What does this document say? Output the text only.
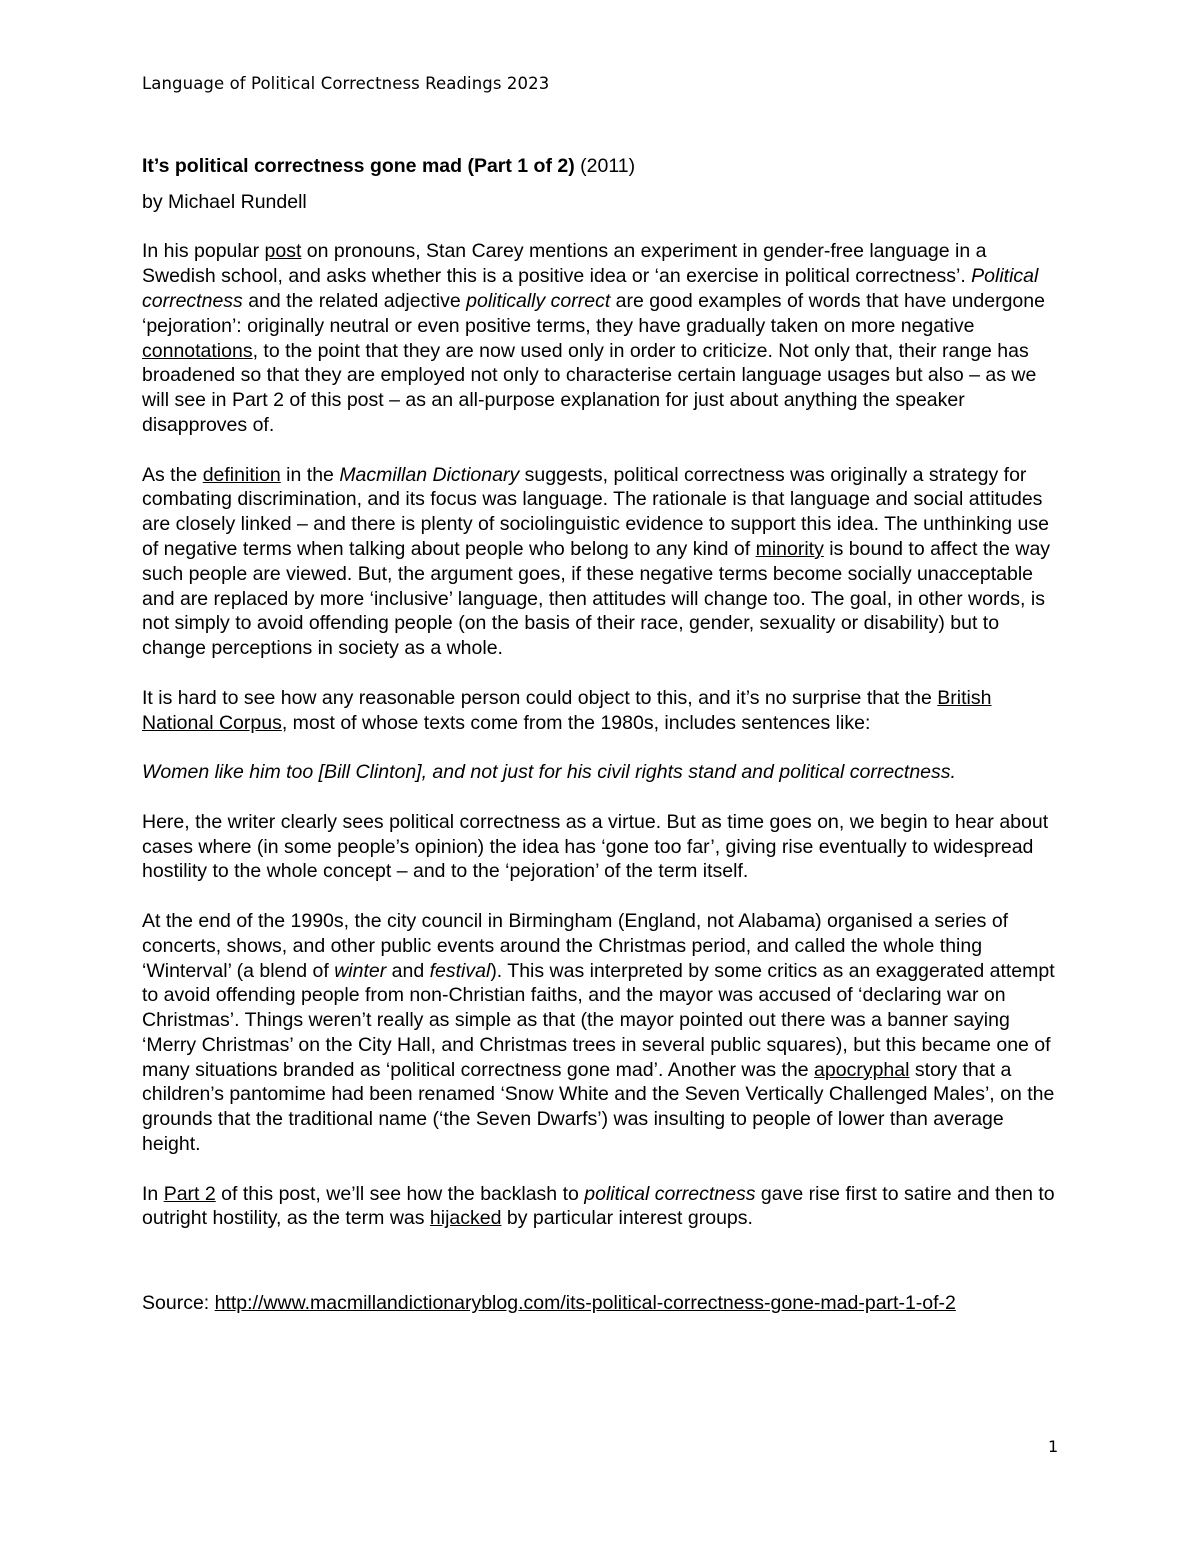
Language of Political Correctness Readings 2023

It’s political correctness gone mad (Part 1 of 2) (2011)

by Michael Rundell

In his popular post on pronouns, Stan Carey mentions an experiment in gender-free language in a Swedish school, and asks whether this is a positive idea or ‘an exercise in political correctness’. Political correctness and the related adjective politically correct are good examples of words that have undergone ‘pejoration’: originally neutral or even positive terms, they have gradually taken on more negative connotations, to the point that they are now used only in order to criticize. Not only that, their range has broadened so that they are employed not only to characterise certain language usages but also – as we will see in Part 2 of this post – as an all-purpose explanation for just about anything the speaker disapproves of.

As the definition in the Macmillan Dictionary suggests, political correctness was originally a strategy for combating discrimination, and its focus was language. The rationale is that language and social attitudes are closely linked – and there is plenty of sociolinguistic evidence to support this idea. The unthinking use of negative terms when talking about people who belong to any kind of minority is bound to affect the way such people are viewed. But, the argument goes, if these negative terms become socially unacceptable and are replaced by more ‘inclusive’ language, then attitudes will change too. The goal, in other words, is not simply to avoid offending people (on the basis of their race, gender, sexuality or disability) but to change perceptions in society as a whole.

It is hard to see how any reasonable person could object to this, and it’s no surprise that the British National Corpus, most of whose texts come from the 1980s, includes sentences like:

Women like him too [Bill Clinton], and not just for his civil rights stand and political correctness.

Here, the writer clearly sees political correctness as a virtue. But as time goes on, we begin to hear about cases where (in some people’s opinion) the idea has ‘gone too far’, giving rise eventually to widespread hostility to the whole concept – and to the ‘pejoration’ of the term itself.

At the end of the 1990s, the city council in Birmingham (England, not Alabama) organised a series of concerts, shows, and other public events around the Christmas period, and called the whole thing ‘Winterval’ (a blend of winter and festival). This was interpreted by some critics as an exaggerated attempt to avoid offending people from non-Christian faiths, and the mayor was accused of ‘declaring war on Christmas’. Things weren’t really as simple as that (the mayor pointed out there was a banner saying ‘Merry Christmas’ on the City Hall, and Christmas trees in several public squares), but this became one of many situations branded as ‘political correctness gone mad’. Another was the apocryphal story that a children’s pantomime had been renamed ‘Snow White and the Seven Vertically Challenged Males’, on the grounds that the traditional name (‘the Seven Dwarfs’) was insulting to people of lower than average height.

In Part 2 of this post, we’ll see how the backlash to political correctness gave rise first to satire and then to outright hostility, as the term was hijacked by particular interest groups.

Source: http://www.macmillandictionaryblog.com/its-political-correctness-gone-mad-part-1-of-2

1
